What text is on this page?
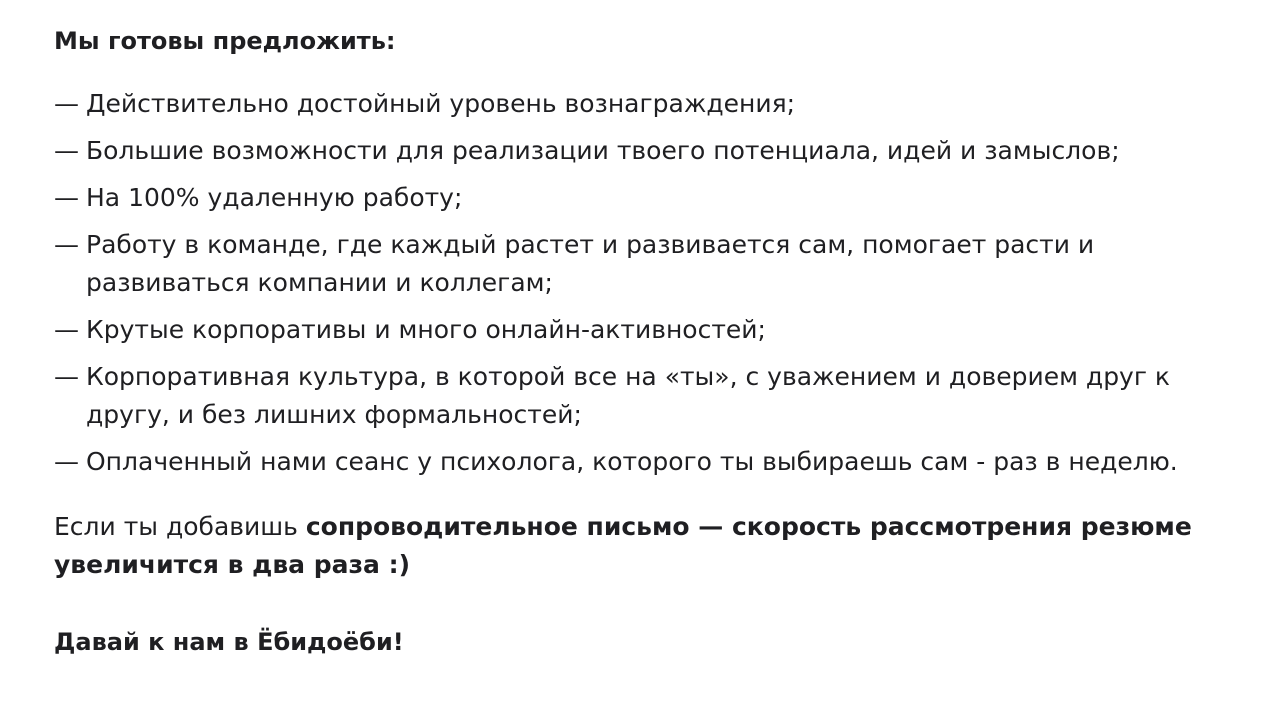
Мы готовы предложить:
— Действительно достойный уровень вознаграждения;
— Большие возможности для реализации твоего потенциала, идей и замыслов;
— На 100% удаленную работу;
— Работу в команде, где каждый растет и развивается сам, помогает расти и развиваться компании и коллегам;
— Крутые корпоративы и много онлайн-активностей;
— Корпоративная культура, в которой все на «ты», с уважением и доверием друг к другу, и без лишних формальностей;
— Оплаченный нами сеанс у психолога, которого ты выбираешь сам - раз в неделю.

Если ты добавишь сопроводительное письмо — скорость рассмотрения резюме увеличится в два раза :)

Давай к нам в Ёбидоёби!
